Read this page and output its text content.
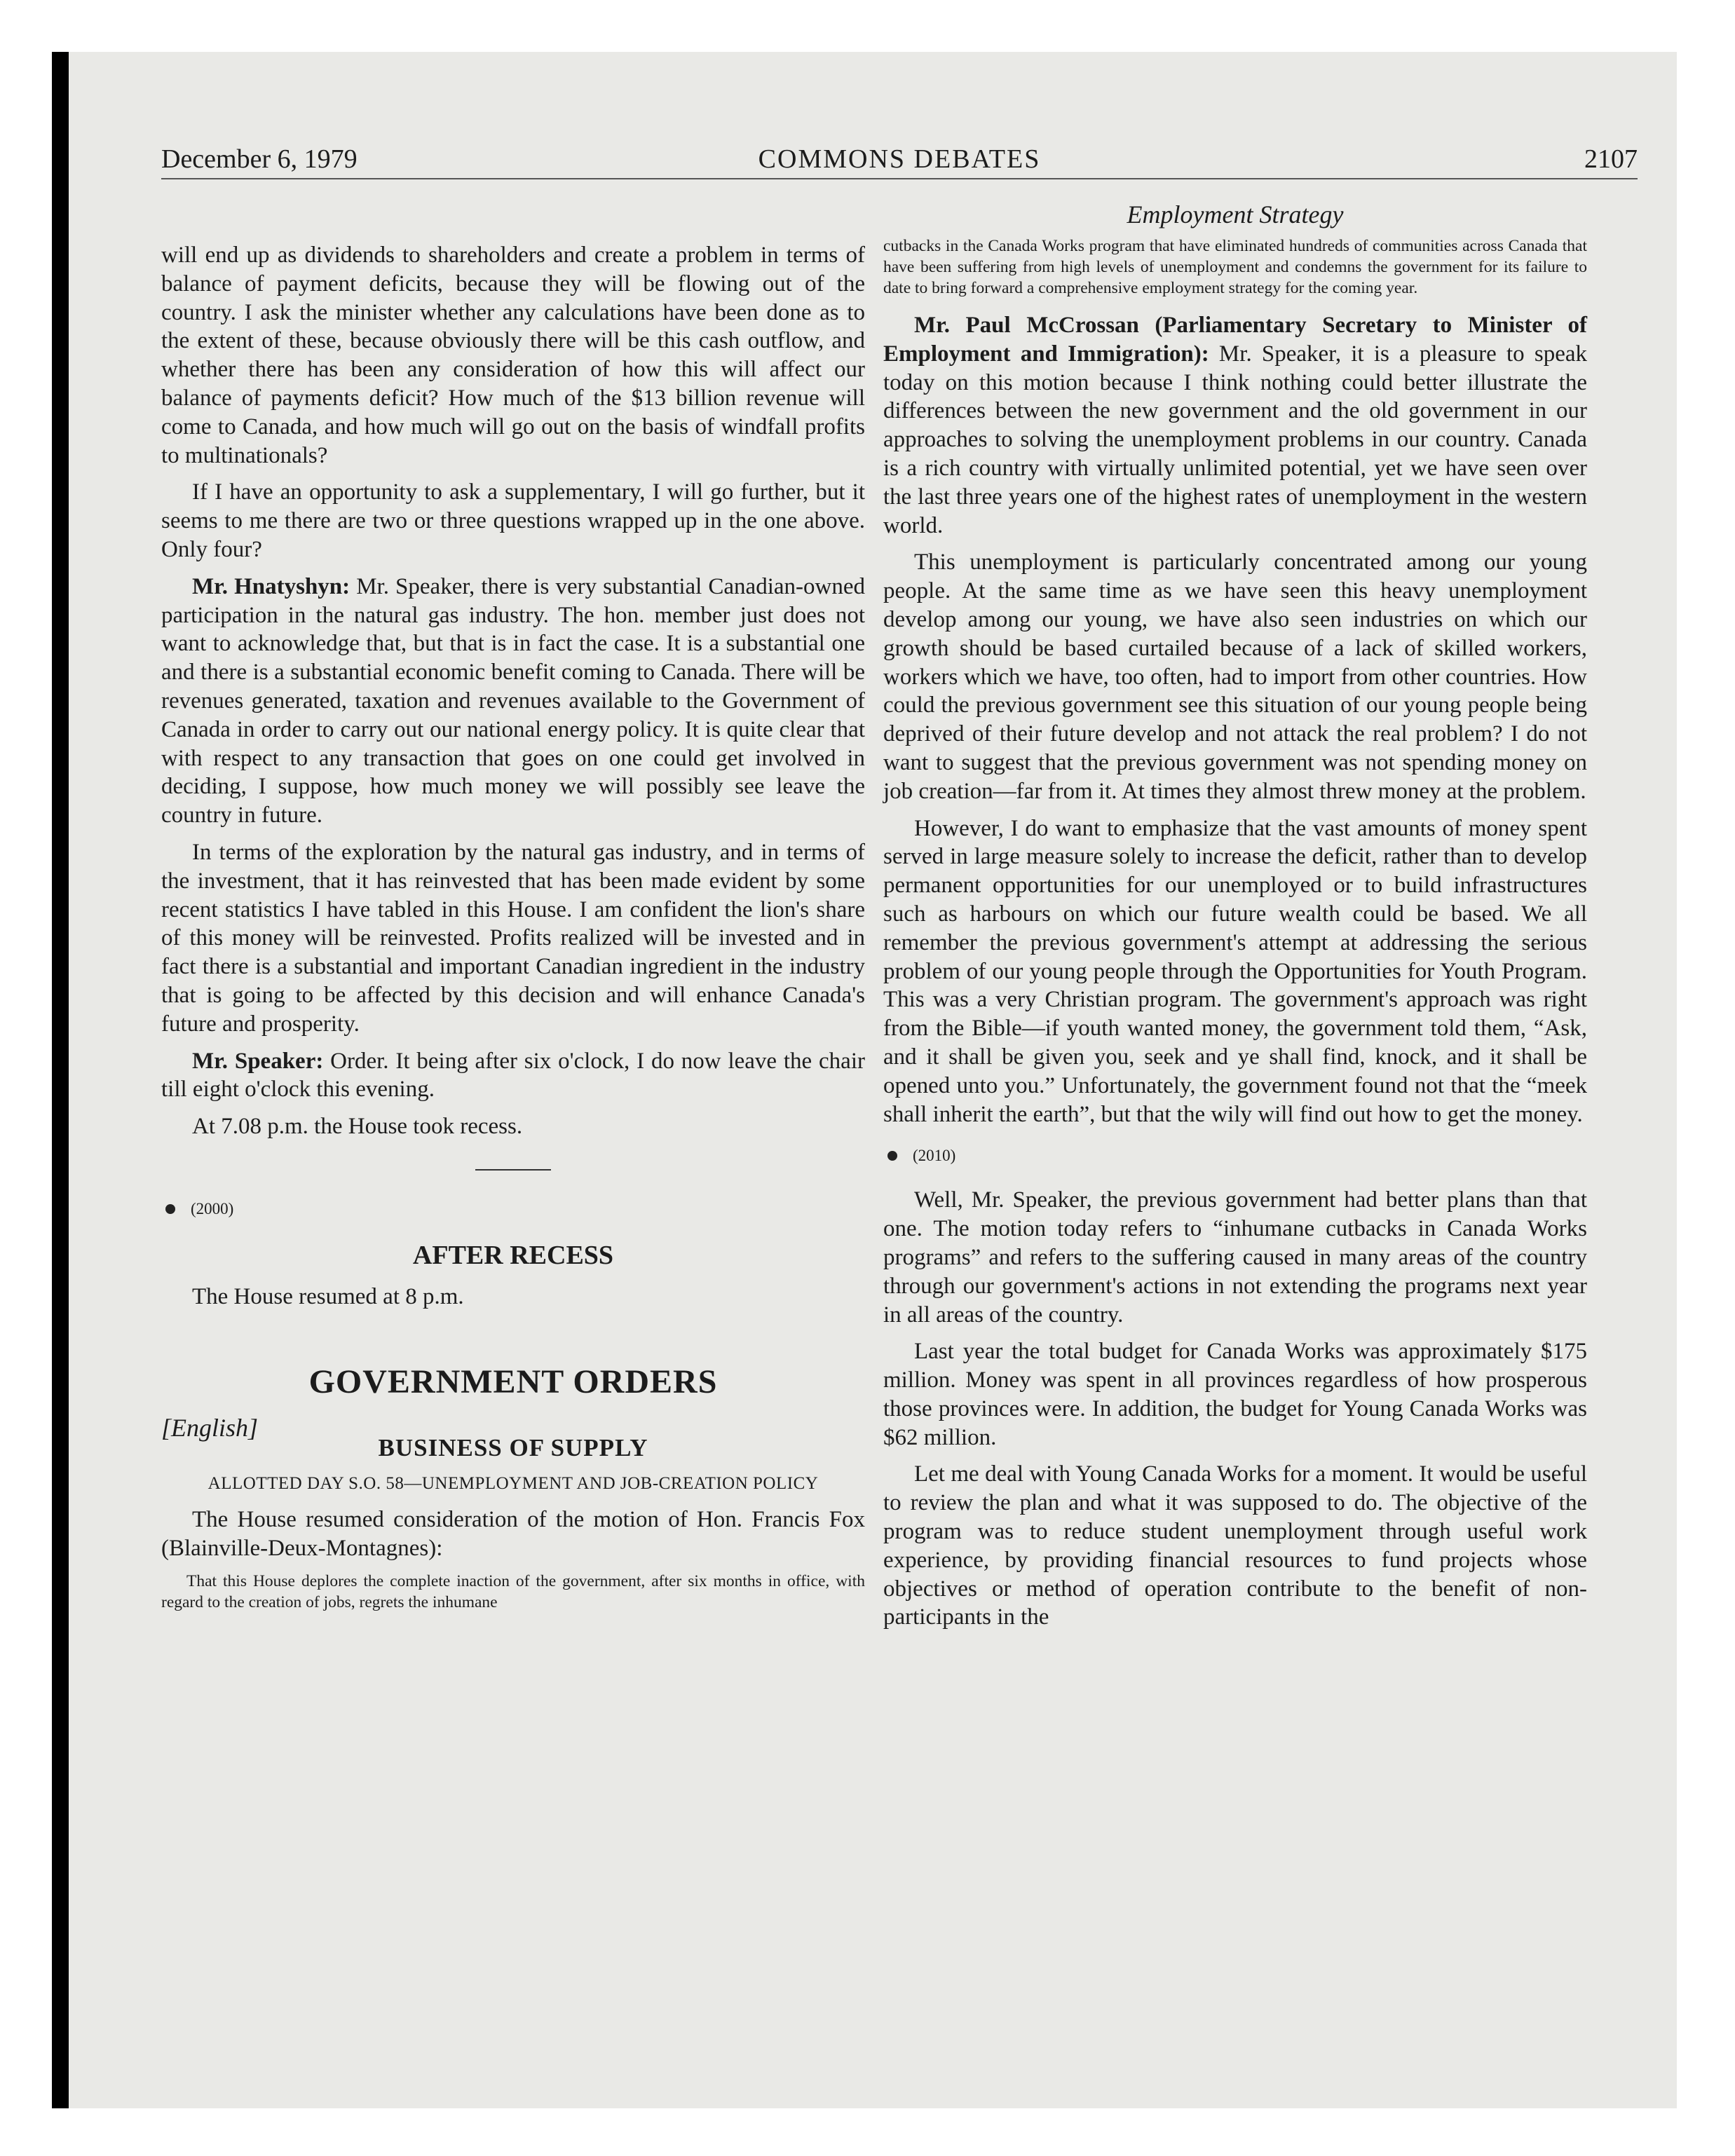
December 6, 1979	COMMONS DEBATES	2107

will end up as dividends to shareholders and create a problem in terms of balance of payment deficits, because they will be flowing out of the country. I ask the minister whether any calculations have been done as to the extent of these, because obviously there will be this cash outflow, and whether there has been any consideration of how this will affect our balance of payments deficit? How much of the $13 billion revenue will come to Canada, and how much will go out on the basis of windfall profits to multinationals?

If I have an opportunity to ask a supplementary, I will go further, but it seems to me there are two or three questions wrapped up in the one above. Only four?

Mr. Hnatyshyn: Mr. Speaker, there is very substantial Canadian-owned participation in the natural gas industry. The hon. member just does not want to acknowledge that, but that is in fact the case. It is a substantial one and there is a substantial economic benefit coming to Canada. There will be revenues generated, taxation and revenues available to the Government of Canada in order to carry out our national energy policy. It is quite clear that with respect to any transaction that goes on one could get involved in deciding, I suppose, how much money we will possibly see leave the country in future.

In terms of the exploration by the natural gas industry, and in terms of the investment, that it has reinvested that has been made evident by some recent statistics I have tabled in this House. I am confident the lion's share of this money will be reinvested. Profits realized will be invested and in fact there is a substantial and important Canadian ingredient in the industry that is going to be affected by this decision and will enhance Canada's future and prosperity.

Mr. Speaker: Order. It being after six o'clock, I do now leave the chair till eight o'clock this evening.

At 7.08 p.m. the House took recess.

(2000)
AFTER RECESS

The House resumed at 8 p.m.

GOVERNMENT ORDERS
[English]
BUSINESS OF SUPPLY
ALLOTTED DAY S.O. 58—UNEMPLOYMENT AND JOB-CREATION POLICY

The House resumed consideration of the motion of Hon. Francis Fox (Blainville-Deux-Montagnes):

That this House deplores the complete inaction of the government, after six months in office, with regard to the creation of jobs, regrets the inhumane

Employment Strategy

cutbacks in the Canada Works program that have eliminated hundreds of communities across Canada that have been suffering from high levels of unemployment and condemns the government for its failure to date to bring forward a comprehensive employment strategy for the coming year.

Mr. Paul McCrossan (Parliamentary Secretary to Minister of Employment and Immigration): Mr. Speaker, it is a pleasure to speak today on this motion because I think nothing could better illustrate the differences between the new government and the old government in our approaches to solving the unemployment problems in our country. Canada is a rich country with virtually unlimited potential, yet we have seen over the last three years one of the highest rates of unemployment in the western world.

This unemployment is particularly concentrated among our young people. At the same time as we have seen this heavy unemployment develop among our young, we have also seen industries on which our growth should be based curtailed because of a lack of skilled workers, workers which we have, too often, had to import from other countries. How could the previous government see this situation of our young people being deprived of their future develop and not attack the real problem? I do not want to suggest that the previous government was not spending money on job creation—far from it. At times they almost threw money at the problem.

However, I do want to emphasize that the vast amounts of money spent served in large measure solely to increase the deficit, rather than to develop permanent opportunities for our unemployed or to build infrastructures such as harbours on which our future wealth could be based. We all remember the previous government's attempt at addressing the serious problem of our young people through the Opportunities for Youth Program. This was a very Christian program. The government's approach was right from the Bible—if youth wanted money, the government told them, “Ask, and it shall be given you, seek and ye shall find, knock, and it shall be opened unto you.” Unfortunately, the government found not that the “meek shall inherit the earth”, but that the wily will find out how to get the money.

(2010)

Well, Mr. Speaker, the previous government had better plans than that one. The motion today refers to “inhumane cutbacks in Canada Works programs” and refers to the suffering caused in many areas of the country through our government's actions in not extending the programs next year in all areas of the country.

Last year the total budget for Canada Works was approximately $175 million. Money was spent in all provinces regardless of how prosperous those provinces were. In addition, the budget for Young Canada Works was $62 million.

Let me deal with Young Canada Works for a moment. It would be useful to review the plan and what it was supposed to do. The objective of the program was to reduce student unemployment through useful work experience, by providing financial resources to fund projects whose objectives or method of operation contribute to the benefit of non-participants in the
